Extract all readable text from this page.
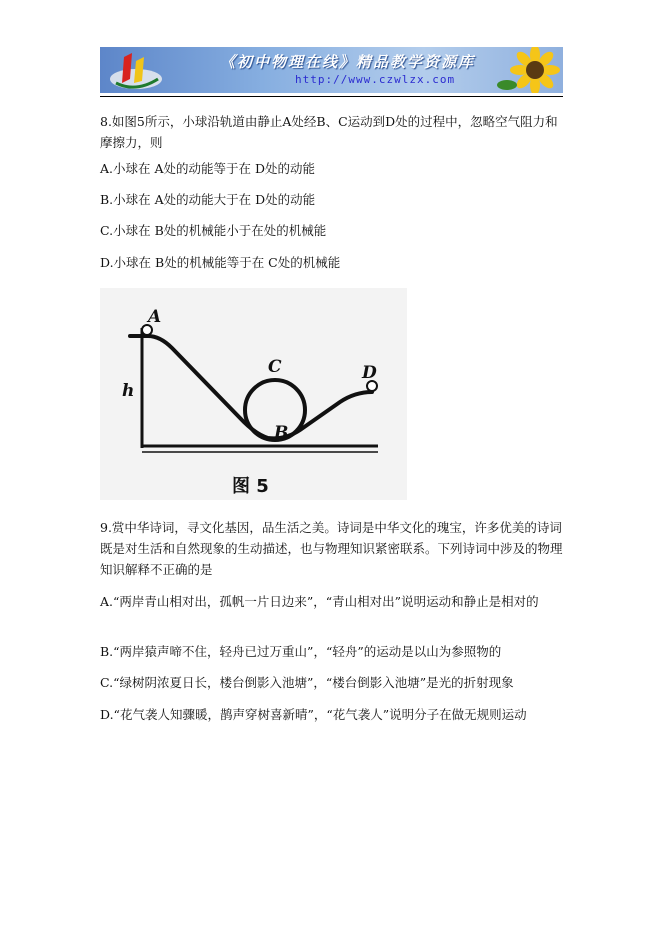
《初中物理在线》精品教学资源库
http://www.czwlzx.com
8.如图5所示，小球沿轨道由静止A处经B、C运动到D处的过程中，忽略空气阻力和摩擦力，则
A.小球在 A处的动能等于在 D处的动能
B.小球在 A处的动能大于在 D处的动能
C.小球在 B处的机械能小于在处的机械能
D.小球在 B处的机械能等于在 C处的机械能
A
C
B
D
h
图 5
9.赏中华诗词，寻文化基因，品生活之美。诗词是中华文化的瑰宝，许多优美的诗词既是对生活和自然现象的生动描述，也与物理知识紧密联系。下列诗词中涉及的物理知识解释不正确的是
A.“两岸青山相对出，孤帆一片日边来”，“青山相对出”说明运动和静止是相对的
B.“两岸猿声啼不住，轻舟已过万重山”，“轻舟”的运动是以山为参照物的
C.“绿树阴浓夏日长，楼台倒影入池塘”，“楼台倒影入池塘”是光的折射现象
D.“花气袭人知骤暖，鹊声穿树喜新晴”，“花气袭人”说明分子在做无规则运动
